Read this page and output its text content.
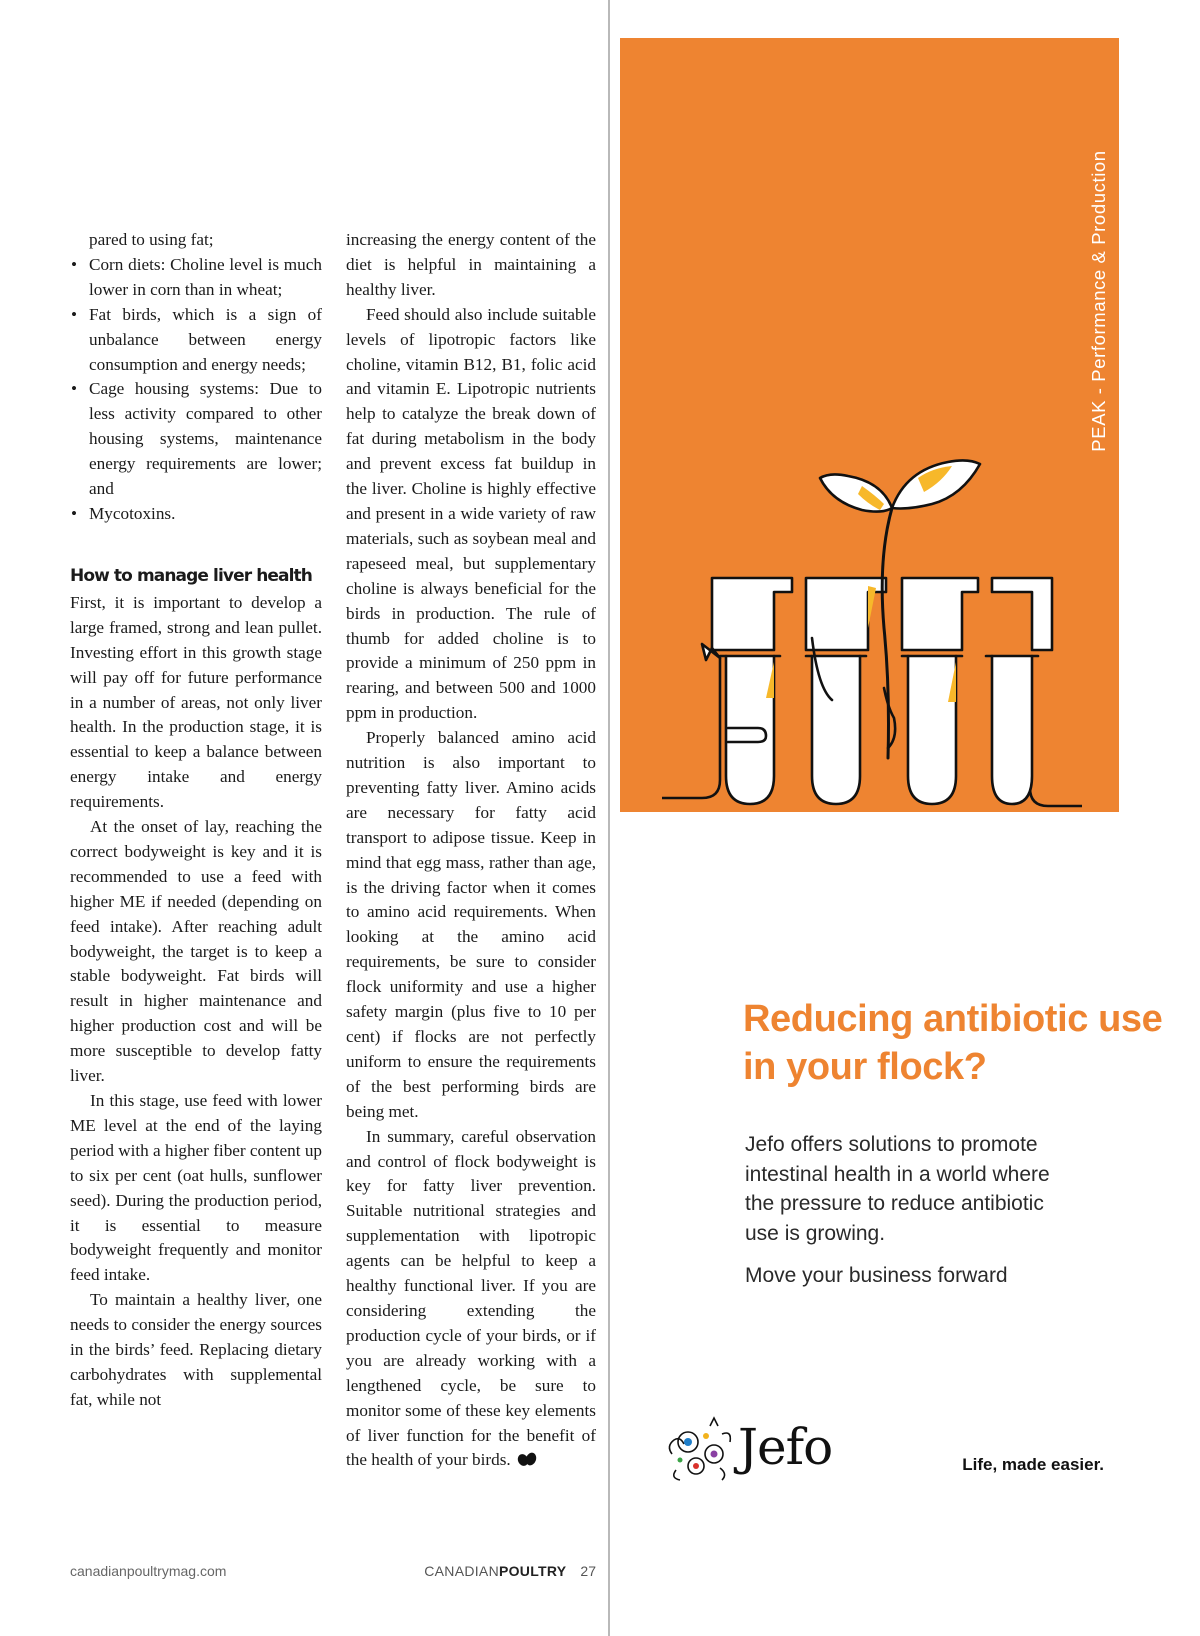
pared to using fat;
• Corn diets: Choline level is much lower in corn than in wheat;
• Fat birds, which is a sign of unbalance between energy consumption and energy needs;
• Cage housing systems: Due to less activity compared to other housing systems, maintenance energy requirements are lower; and
• Mycotoxins.
How to manage liver health

First, it is important to develop a large framed, strong and lean pullet. Investing effort in this growth stage will pay off for future performance in a number of areas, not only liver health. In the production stage, it is essential to keep a balance between energy intake and energy requirements.

At the onset of lay, reaching the correct bodyweight is key and it is recommended to use a feed with higher ME if needed (depending on feed intake). After reaching adult bodyweight, the target is to keep a stable bodyweight. Fat birds will result in higher maintenance and higher production cost and will be more susceptible to develop fatty liver.

In this stage, use feed with lower ME level at the end of the laying period with a higher fiber content up to six per cent (oat hulls, sunflower seed). During the production period, it is essential to measure bodyweight frequently and monitor feed intake.

To maintain a healthy liver, one needs to consider the energy sources in the birds’ feed. Replacing dietary carbohydrates with supplemental fat, while not

increasing the energy content of the diet is helpful in maintaining a healthy liver.

Feed should also include suitable levels of lipotropic factors like choline, vitamin B12, B1, folic acid and vitamin E. Lipotropic nutrients help to catalyze the break down of fat during metabolism in the body and prevent excess fat buildup in the liver. Choline is highly effective and present in a wide variety of raw materials, such as soybean meal and rapeseed meal, but supplementary choline is always beneficial for the birds in production. The rule of thumb for added choline is to provide a minimum of 250 ppm in rearing, and between 500 and 1000 ppm in production.

Properly balanced amino acid nutrition is also important to preventing fatty liver. Amino acids are necessary for fatty acid transport to adipose tissue. Keep in mind that egg mass, rather than age, is the driving factor when it comes to amino acid requirements. When looking at the amino acid requirements, be sure to consider flock uniformity and use a higher safety margin (plus five to 10 per cent) if flocks are not perfectly uniform to ensure the requirements of the best performing birds are being met.

In summary, careful observation and control of flock bodyweight is key for fatty liver prevention. Suitable nutritional strategies and supplementation with lipotropic agents can be helpful to keep a healthy functional liver. If you are considering extending the production cycle of your birds, or if you are already working with a lengthened cycle, be sure to monitor some of these key elements of liver function for the benefit of the health of your birds.

canadianpoultrymag.com	CANADIANPOULTRY 27
PEAK - Performance & Production
Reducing antibiotic use in your flock?

Jefo offers solutions to promote intestinal health in a world where the pressure to reduce antibiotic use is growing.

Move your business forward

Jefo	Life, made easier.
